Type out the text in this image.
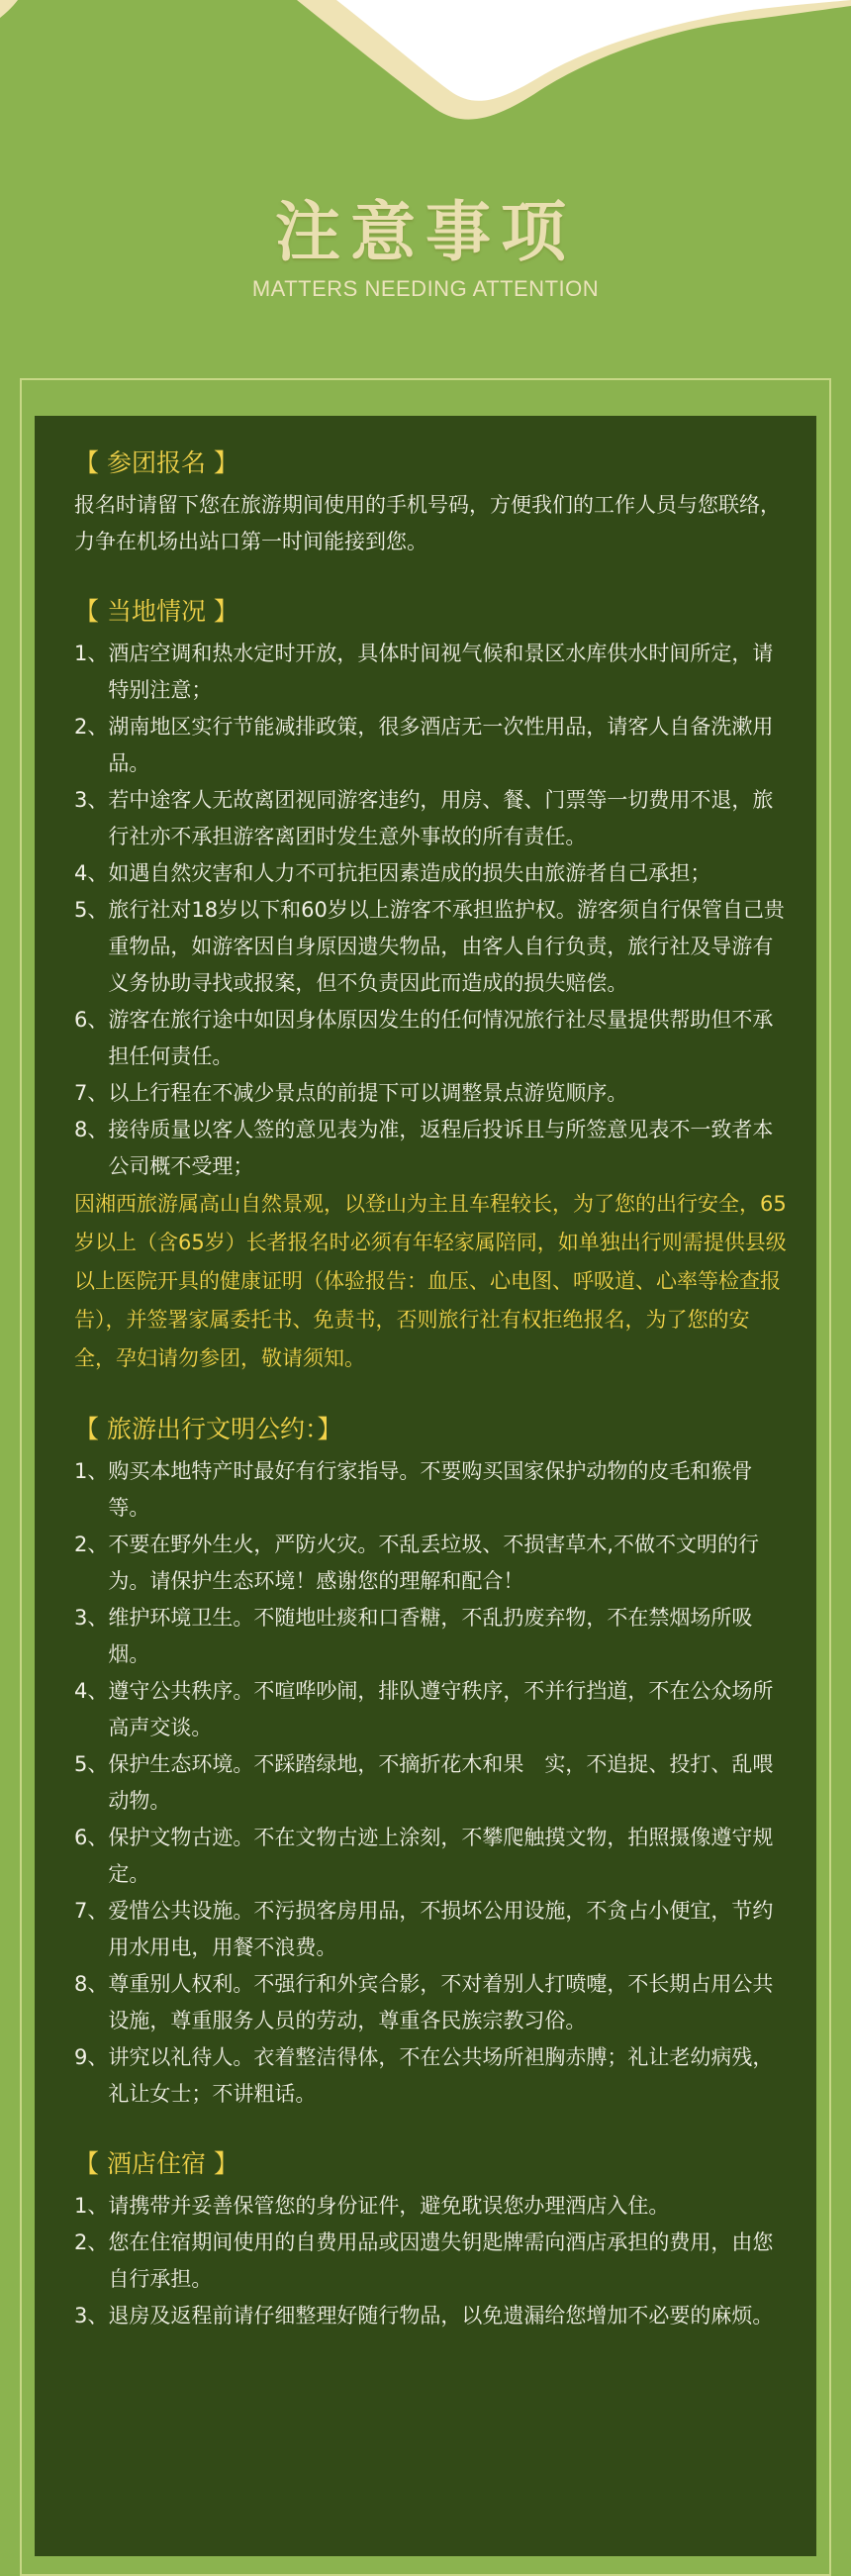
注意事项
MATTERS NEEDING ATTENTION
【 参团报名 】
报名时请留下您在旅游期间使用的手机号码，方便我们的工作人员与您联络，力争在机场出站口第一时间能接到您。
【 当地情况 】
1、 酒店空调和热水定时开放，具体时间视气候和景区水库供水时间所定，请特别注意；
2、 湖南地区实行节能减排政策，很多酒店无一次性用品，请客人自备洗漱用品。
3、 若中途客人无故离团视同游客违约，用房、餐、门票等一切费用不退，旅行社亦不承担游客离团时发生意外事故的所有责任。
4、 如遇自然灾害和人力不可抗拒因素造成的损失由旅游者自己承担；
5、 旅行社对18岁以下和60岁以上游客不承担监护权。游客须自行保管自己贵重物品，如游客因自身原因遗失物品，由客人自行负责，旅行社及导游有义务协助寻找或报案，但不负责因此而造成的损失赔偿。
6、 游客在旅行途中如因身体原因发生的任何情况旅行社尽量提供帮助但不承担任何责任。
7、 以上行程在不减少景点的前提下可以调整景点游览顺序。
8、 接待质量以客人签的意见表为准，返程后投诉且与所签意见表不一致者本公司概不受理；
因湘西旅游属高山自然景观，以登山为主且车程较长，为了您的出行安全，65岁以上（含65岁）长者报名时必须有年轻家属陪同，如单独出行则需提供县级以上医院开具的健康证明（体验报告：血压、心电图、呼吸道、心率等检查报告），并签署家属委托书、免责书，否则旅行社有权拒绝报名，为了您的安全，孕妇请勿参团，敬请须知。
【 旅游出行文明公约：】
1、 购买本地特产时最好有行家指导。不要购买国家保护动物的皮毛和猴骨等。
2、 不要在野外生火，严防火灾。不乱丢垃圾、不损害草木,不做不文明的行为。请保护生态环境！感谢您的理解和配合！
3、 维护环境卫生。不随地吐痰和口香糖，不乱扔废弃物，不在禁烟场所吸烟。
4、 遵守公共秩序。不喧哗吵闹，排队遵守秩序，不并行挡道，不在公众场所高声交谈。
5、 保护生态环境。不踩踏绿地，不摘折花木和果　实，不追捉、投打、乱喂动物。
6、 保护文物古迹。不在文物古迹上涂刻，不攀爬触摸文物，拍照摄像遵守规定。
7、 爱惜公共设施。不污损客房用品，不损坏公用设施，不贪占小便宜，节约用水用电，用餐不浪费。
8、 尊重别人权利。不强行和外宾合影，不对着别人打喷嚏，不长期占用公共设施，尊重服务人员的劳动，尊重各民族宗教习俗。
9、 讲究以礼待人。衣着整洁得体，不在公共场所袒胸赤膊；礼让老幼病残，礼让女士；不讲粗话。
【 酒店住宿 】
1、 请携带并妥善保管您的身份证件，避免耽误您办理酒店入住。
2、 您在住宿期间使用的自费用品或因遗失钥匙牌需向酒店承担的费用，由您自行承担。
3、 退房及返程前请仔细整理好随行物品，以免遗漏给您增加不必要的麻烦。
